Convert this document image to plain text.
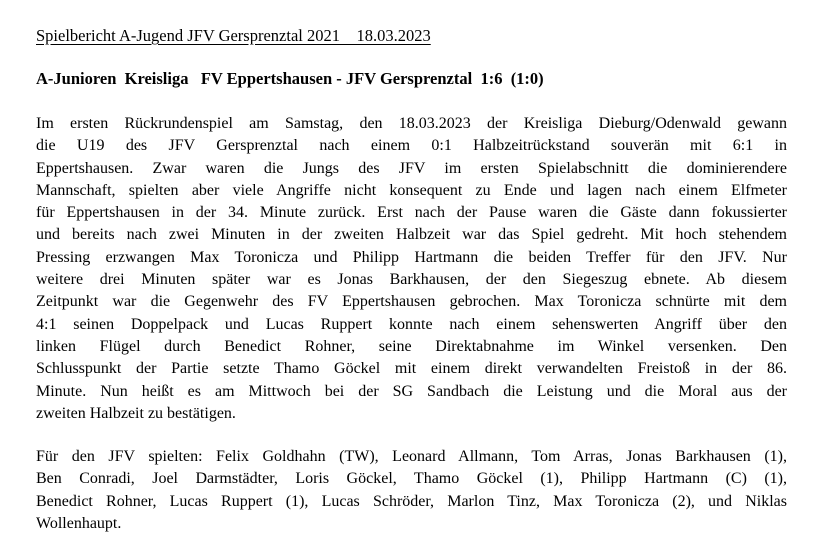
Spielbericht A-Jugend JFV Gersprenztal 2021    18.03.2023
A-Junioren  Kreisliga   FV Eppertshausen - JFV Gersprenztal  1:6  (1:0)
Im ersten Rückrundenspiel am Samstag, den 18.03.2023 der Kreisliga Dieburg/Odenwald gewann
die U19 des JFV Gersprenztal nach einem 0:1 Halbzeitrückstand souverän mit 6:1 in
Eppertshausen. Zwar waren die Jungs des JFV im ersten Spielabschnitt die dominierendere
Mannschaft, spielten aber viele Angriffe nicht konsequent zu Ende und lagen nach einem Elfmeter
für Eppertshausen in der 34. Minute zurück. Erst nach der Pause waren die Gäste dann fokussierter
und bereits nach zwei Minuten in der zweiten Halbzeit war das Spiel gedreht. Mit hoch stehendem
Pressing erzwangen Max Toronicza und Philipp Hartmann die beiden Treffer für den JFV. Nur
weitere drei Minuten später war es Jonas Barkhausen, der den Siegeszug ebnete. Ab diesem
Zeitpunkt war die Gegenwehr des FV Eppertshausen gebrochen. Max Toronicza schnürte mit dem
4:1 seinen Doppelpack und Lucas Ruppert konnte nach einem sehenswerten Angriff über den
linken Flügel durch Benedict Rohner, seine Direktabnahme im Winkel versenken. Den
Schlusspunkt der Partie setzte Thamo Göckel mit einem direkt verwandelten Freistoß in der 86.
Minute. Nun heißt es am Mittwoch bei der SG Sandbach die Leistung und die Moral aus der
zweiten Halbzeit zu bestätigen.
Für den JFV spielten: Felix Goldhahn (TW), Leonard Allmann, Tom Arras, Jonas Barkhausen (1),
Ben Conradi, Joel Darmstädter, Loris Göckel, Thamo Göckel (1), Philipp Hartmann (C) (1),
Benedict Rohner, Lucas Ruppert (1), Lucas Schröder, Marlon Tinz, Max Toronicza (2), und Niklas
Wollenhaupt.
